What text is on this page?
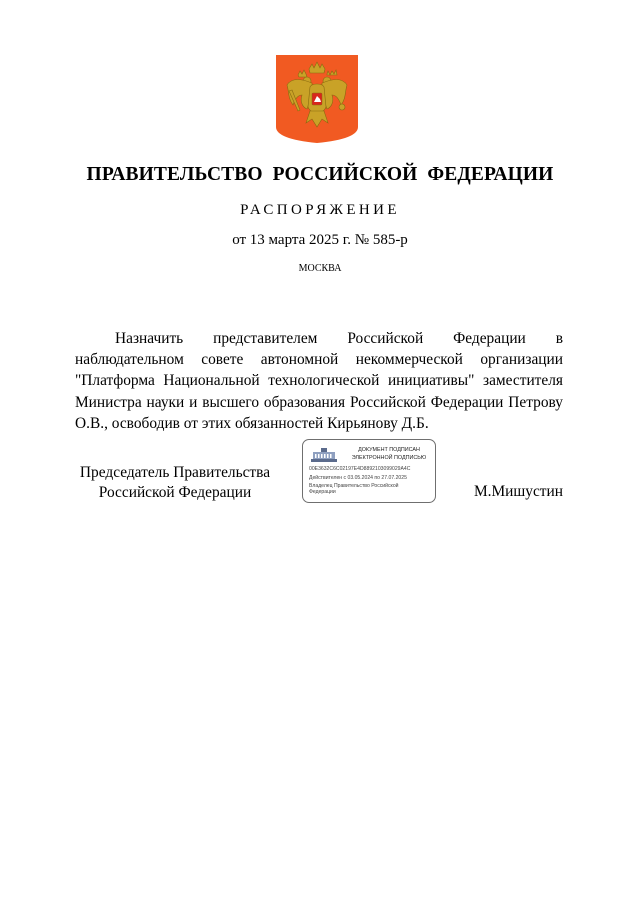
ПРАВИТЕЛЬСТВО РОССИЙСКОЙ ФЕДЕРАЦИИ
РАСПОРЯЖЕНИЕ
от 13 марта 2025 г. № 585-р
МОСКВА

Назначить представителем Российской Федерации в наблюдательном совете автономной некоммерческой организации "Платформа Национальной технологической инициативы" заместителя Министра науки и высшего образования Российской Федерации Петрову О.В., освободив от этих обязанностей Кирьянову Д.Б.

Председатель Правительства
Российской Федерации
ДОКУМЕНТ ПОДПИСАН
ЭЛЕКТРОННОЙ ПОДПИСЬЮ
00E3632C6C02197E4D8892103099029A4C
Действителен с 03.05.2024 по 27.07.2025
Владелец Правительство Российской
Федерации	М.Мишустин
